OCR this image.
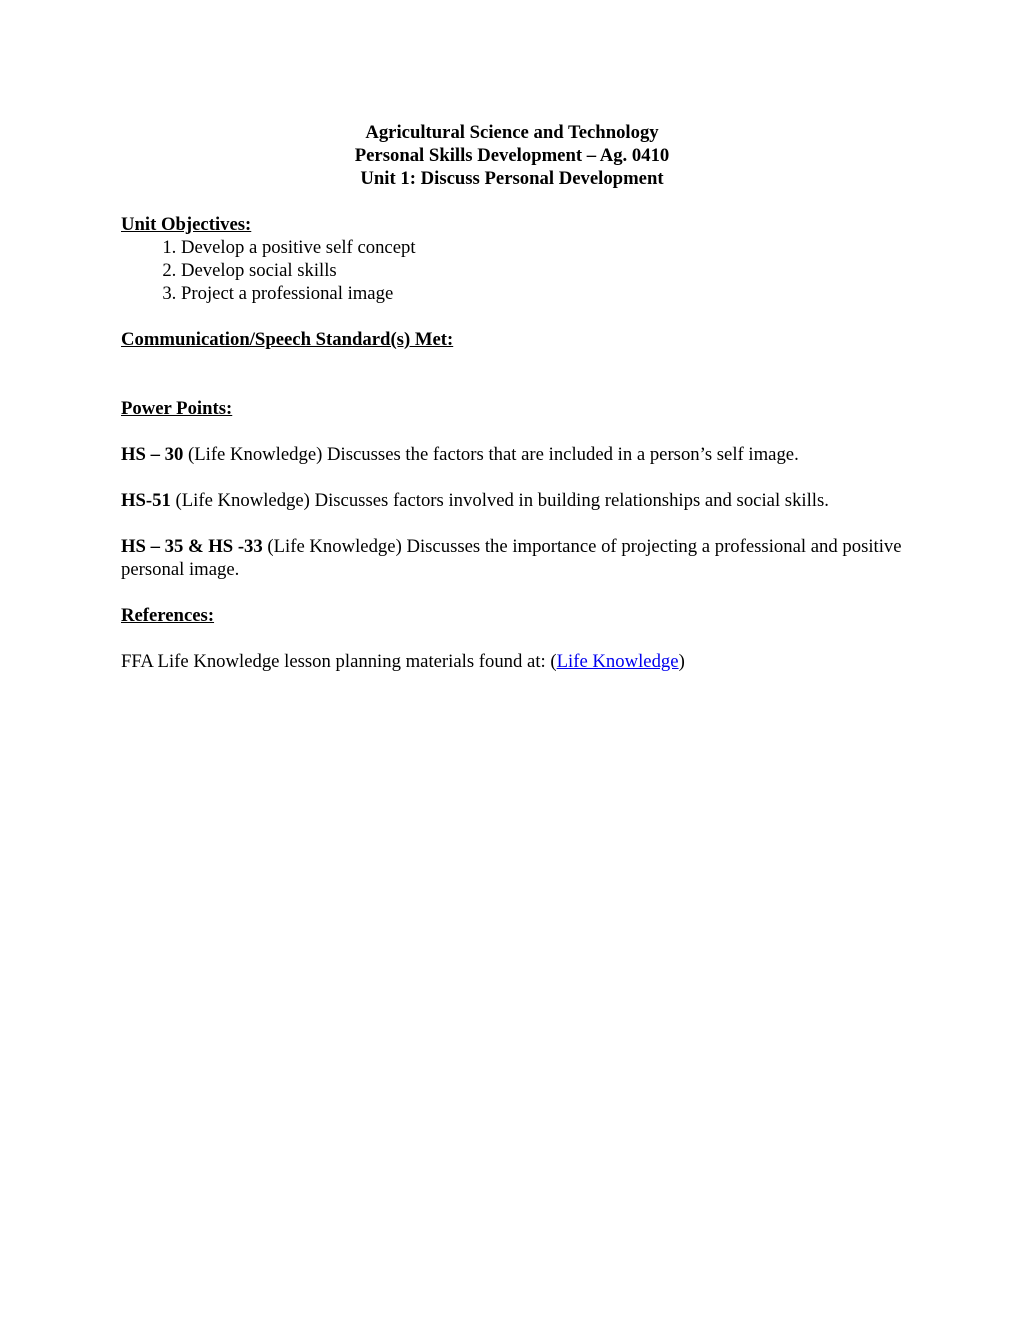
Agricultural Science and Technology
Personal Skills Development – Ag. 0410
Unit 1: Discuss Personal Development
Unit Objectives:
1. Develop a positive self concept
2. Develop social skills
3. Project a professional image
Communication/Speech Standard(s) Met:
Power Points:
HS – 30 (Life Knowledge) Discusses the factors that are included in a person’s self image.
HS-51 (Life Knowledge) Discusses factors involved in building relationships and social skills.
HS – 35 & HS -33 (Life Knowledge) Discusses the importance of projecting a professional and positive personal image.
References:
FFA Life Knowledge lesson planning materials found at: (Life Knowledge)
